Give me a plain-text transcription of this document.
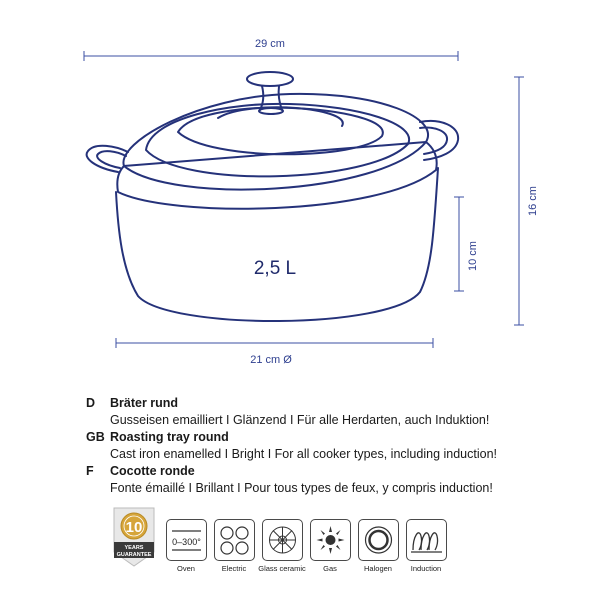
29 cm
16 cm
10 cm
21 cm Ø
2,5 L
D	Bräter rund
Gusseisen emailliert I Glänzend I Für alle Herdarten, auch Induktion!
GB Roasting tray round
Cast iron enamelled I Bright I For all cooker types, including induction!
F	Cocotte ronde
Fonte émaillé I Brillant I Pour tous types de feux, y compris induction!
10
YEARS
GUARANTEE
0–300°
Oven	Electric	Glass ceramic	Gas	Halogen	Induction
